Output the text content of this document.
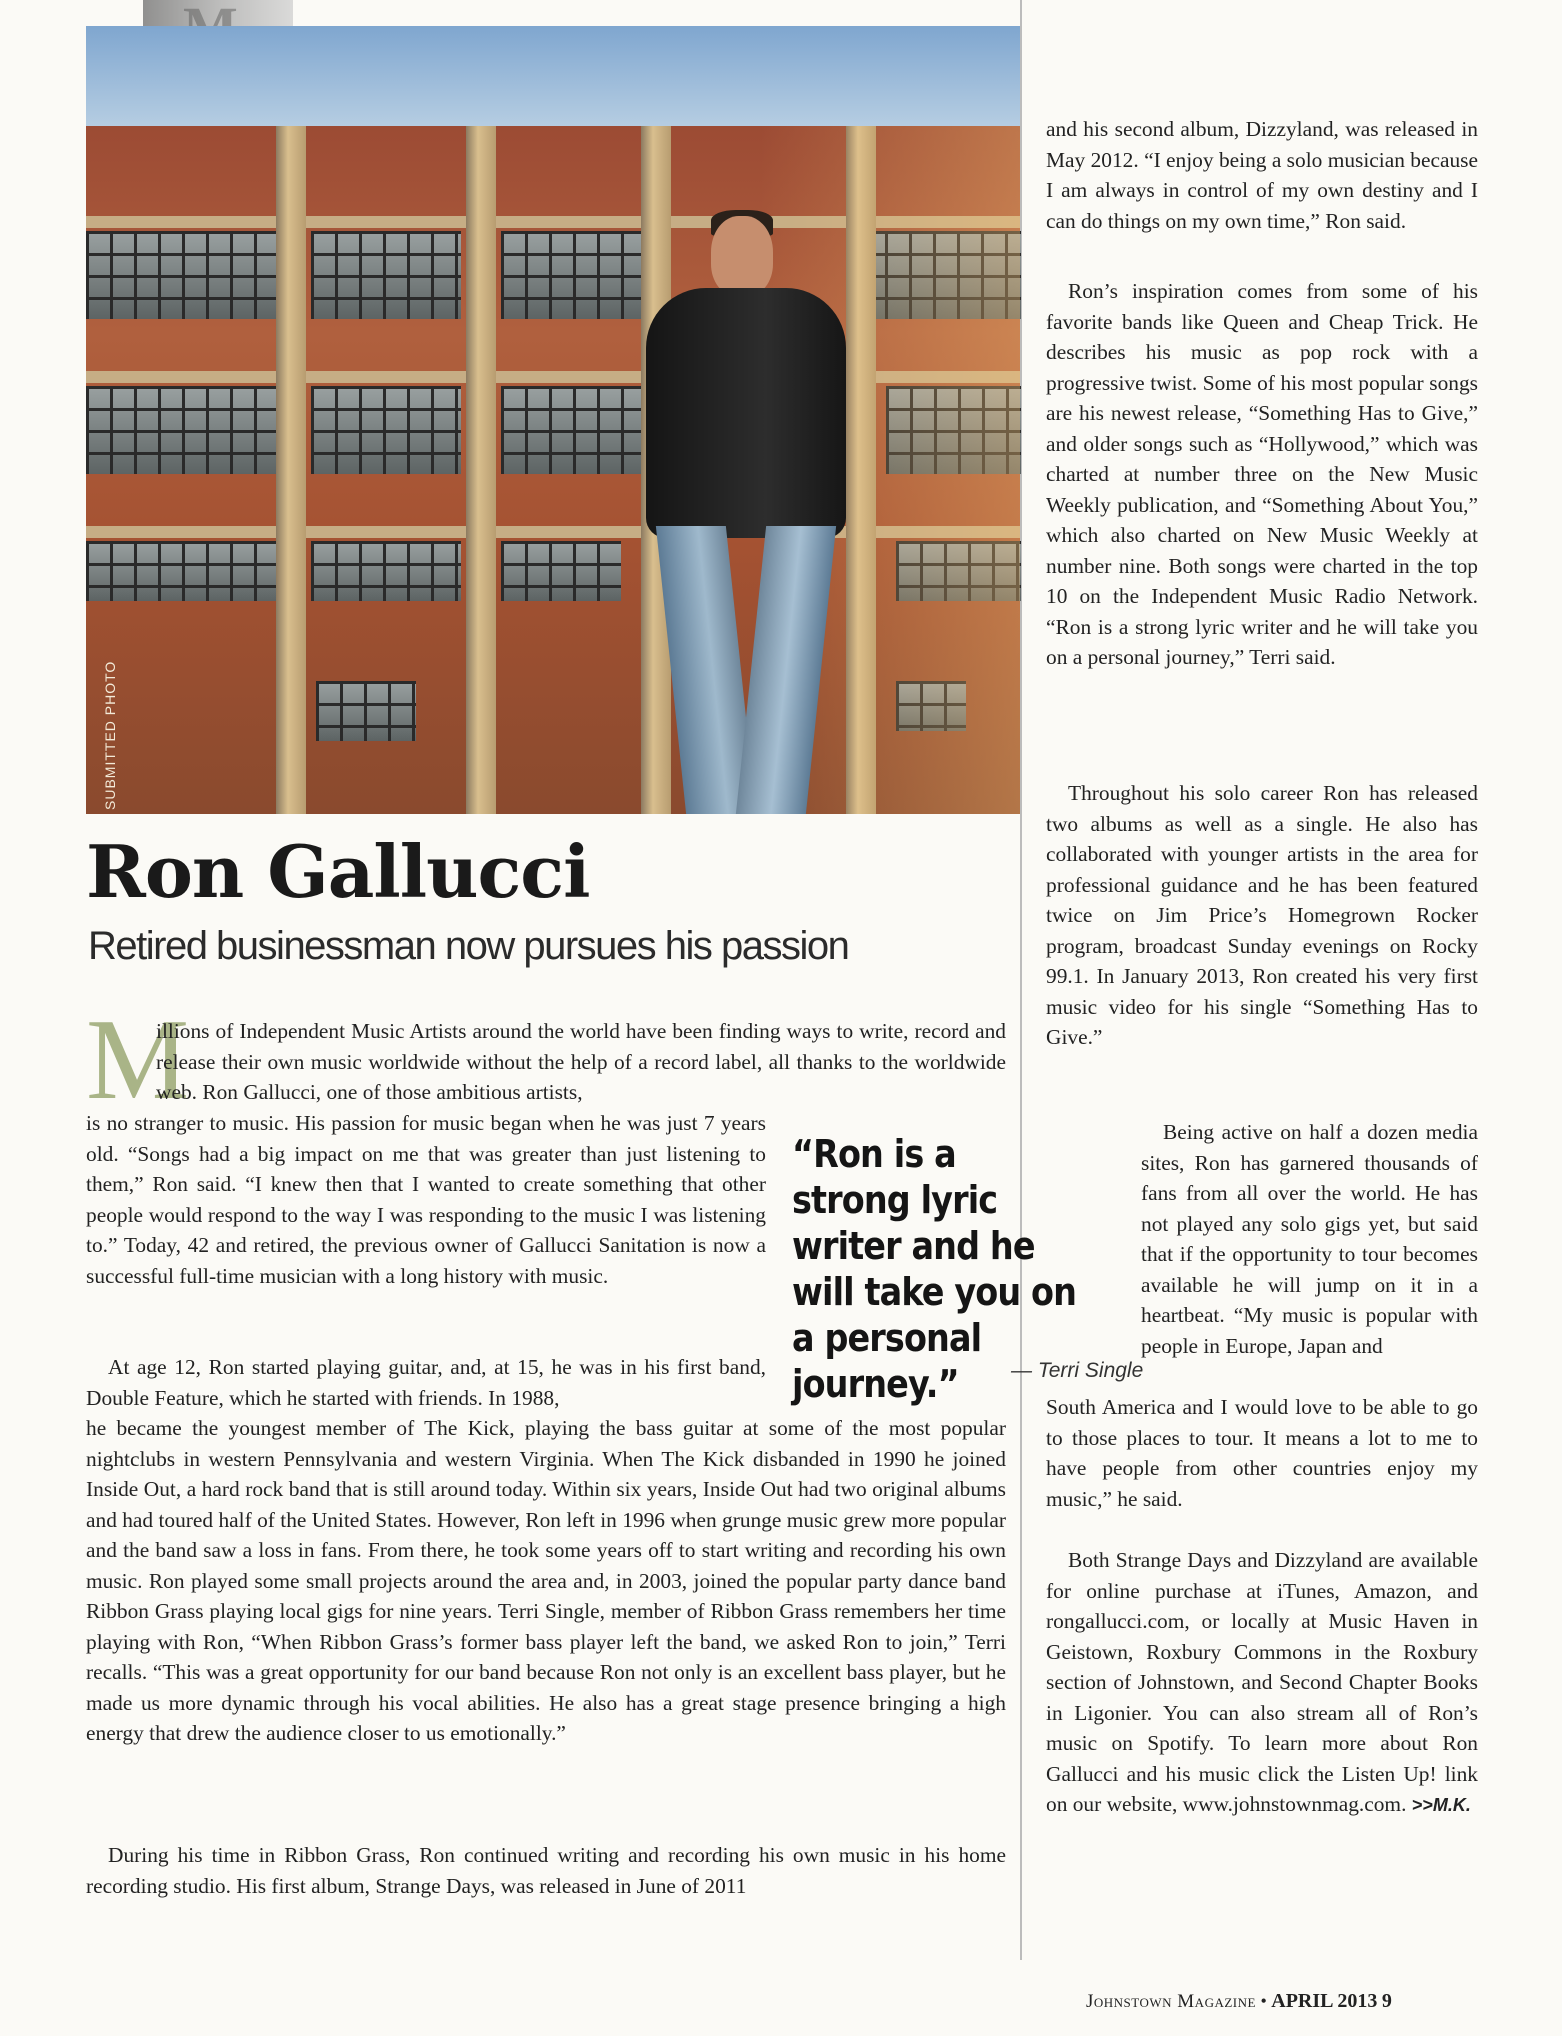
SUBMITTED PHOTO
Ron Gallucci
Retired businessman now pursues his passion
M

illions of Independent Music Artists around the world have been finding ways to write, record and release their own music worldwide without the help of a record label, all thanks to the worldwide web. Ron Gallucci, one of those ambitious artists,

is no stranger to music. His passion for music began when he was just 7 years old. “Songs had a big impact on me that was greater than just listening to them,” Ron said. “I knew then that I wanted to create something that other people would respond to the way I was responding to the music I was listening to.” Today, 42 and retired, the previous owner of Gallucci Sanitation is now a successful full-time musician with a long history with music.

At age 12, Ron started playing guitar, and, at 15, he was in his first band, Double Feature, which he started with friends. In 1988,

he became the youngest member of The Kick, playing the bass guitar at some of the most popular nightclubs in western Pennsylvania and western Virginia. When The Kick disbanded in 1990 he joined Inside Out, a hard rock band that is still around today. Within six years, Inside Out had two original albums and had toured half of the United States. However, Ron left in 1996 when grunge music grew more popular and the band saw a loss in fans. From there, he took some years off to start writing and recording his own music. Ron played some small projects around the area and, in 2003, joined the popular party dance band Ribbon Grass playing local gigs for nine years. Terri Single, member of Ribbon Grass remembers her time playing with Ron, “When Ribbon Grass’s former bass player left the band, we asked Ron to join,” Terri recalls. “This was a great opportunity for our band because Ron not only is an excellent bass player, but he made us more dynamic through his vocal abilities. He also has a great stage presence bringing a high energy that drew the audience closer to us emotionally.”

During his time in Ribbon Grass, Ron continued writing and recording his own music in his home recording studio. His first album, Strange Days, was released in June of 2011

“Ron is a strong lyric writer and he will take you on a personal journey.”	— Terri Single

and his second album, Dizzyland, was released in May 2012. “I enjoy being a solo musician because I am always in control of my own destiny and I can do things on my own time,” Ron said.

Ron’s inspiration comes from some of his favorite bands like Queen and Cheap Trick. He describes his music as pop rock with a progressive twist. Some of his most popular songs are his newest release, “Something Has to Give,” and older songs such as “Hollywood,” which was charted at number three on the New Music Weekly publication, and “Something About You,” which also charted on New Music Weekly at number nine. Both songs were charted in the top 10 on the Independent Music Radio Network. “Ron is a strong lyric writer and he will take you on a personal journey,” Terri said.

Throughout his solo career Ron has released two albums as well as a single. He also has collaborated with younger artists in the area for professional guidance and he has been featured twice on Jim Price’s Homegrown Rocker program, broadcast Sunday evenings on Rocky 99.1. In January 2013, Ron created his very first music video for his single “Something Has to Give.”

Being active on half a dozen media sites, Ron has garnered thousands of fans from all over the world. He has not played any solo gigs yet, but said that if the opportunity to tour becomes available he will jump on it in a heartbeat. “My music is popular with people in Europe, Japan and

South America and I would love to be able to go to those places to tour. It means a lot to me to have people from other countries enjoy my music,” he said.

Both Strange Days and Dizzyland are available for online purchase at iTunes, Amazon, and rongallucci.com, or locally at Music Haven in Geistown, Roxbury Commons in the Roxbury section of Johnstown, and Second Chapter Books in Ligonier. You can also stream all of Ron’s music on Spotify. To learn more about Ron Gallucci and his music click the Listen Up! link on our website, www.johnstownmag.com. >>M.K.

Johnstown Magazine • APRIL 2013 9
